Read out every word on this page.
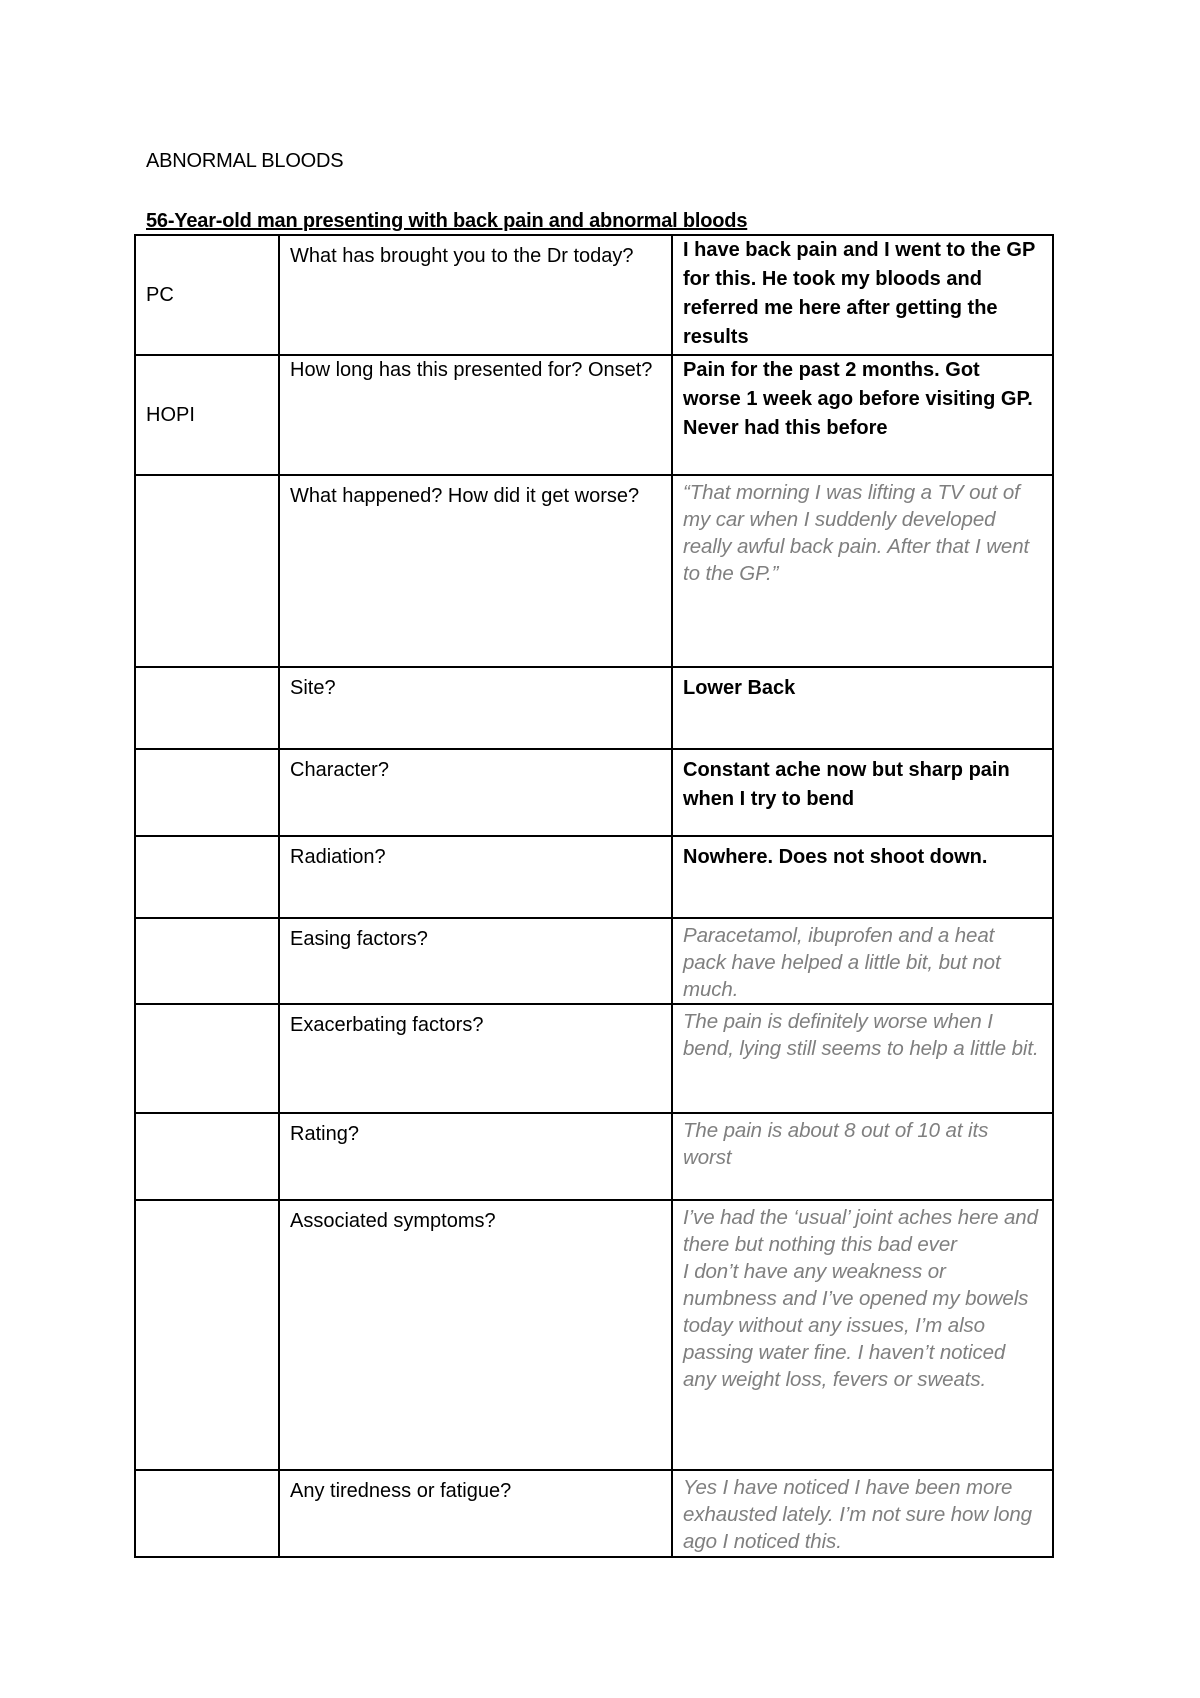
ABNORMAL BLOODS
56-Year-old man presenting with back pain and abnormal bloods
PC	What has brought you to the Dr today?	I have back pain and I went to the GP for this. He took my bloods and referred me here after getting the results

HOPI	How long has this presented for? Onset?	Pain for the past 2 months. Got worse 1 week ago before visiting GP.
Never had this before

	What happened? How did it get worse?	“That morning I was lifting a TV out of my car when I suddenly developed really awful back pain. After that I went to the GP.”

	Site?	Lower Back

	Character?	Constant ache now but sharp pain when I try to bend

	Radiation?	Nowhere. Does not shoot down.

	Easing factors?	Paracetamol, ibuprofen and a heat pack have helped a little bit, but not much.

	Exacerbating factors?	The pain is definitely worse when I bend, lying still seems to help a little bit.

	Rating?	The pain is about 8 out of 10 at its worst

	Associated symptoms?	I’ve had the ‘usual’ joint aches here and there but nothing this bad ever
I don’t have any weakness or numbness and I’ve opened my bowels today without any issues, I’m also passing water fine. I haven’t noticed any weight loss, fevers or sweats.

	Any tiredness or fatigue?	Yes I have noticed I have been more exhausted lately. I’m not sure how long ago I noticed this.
